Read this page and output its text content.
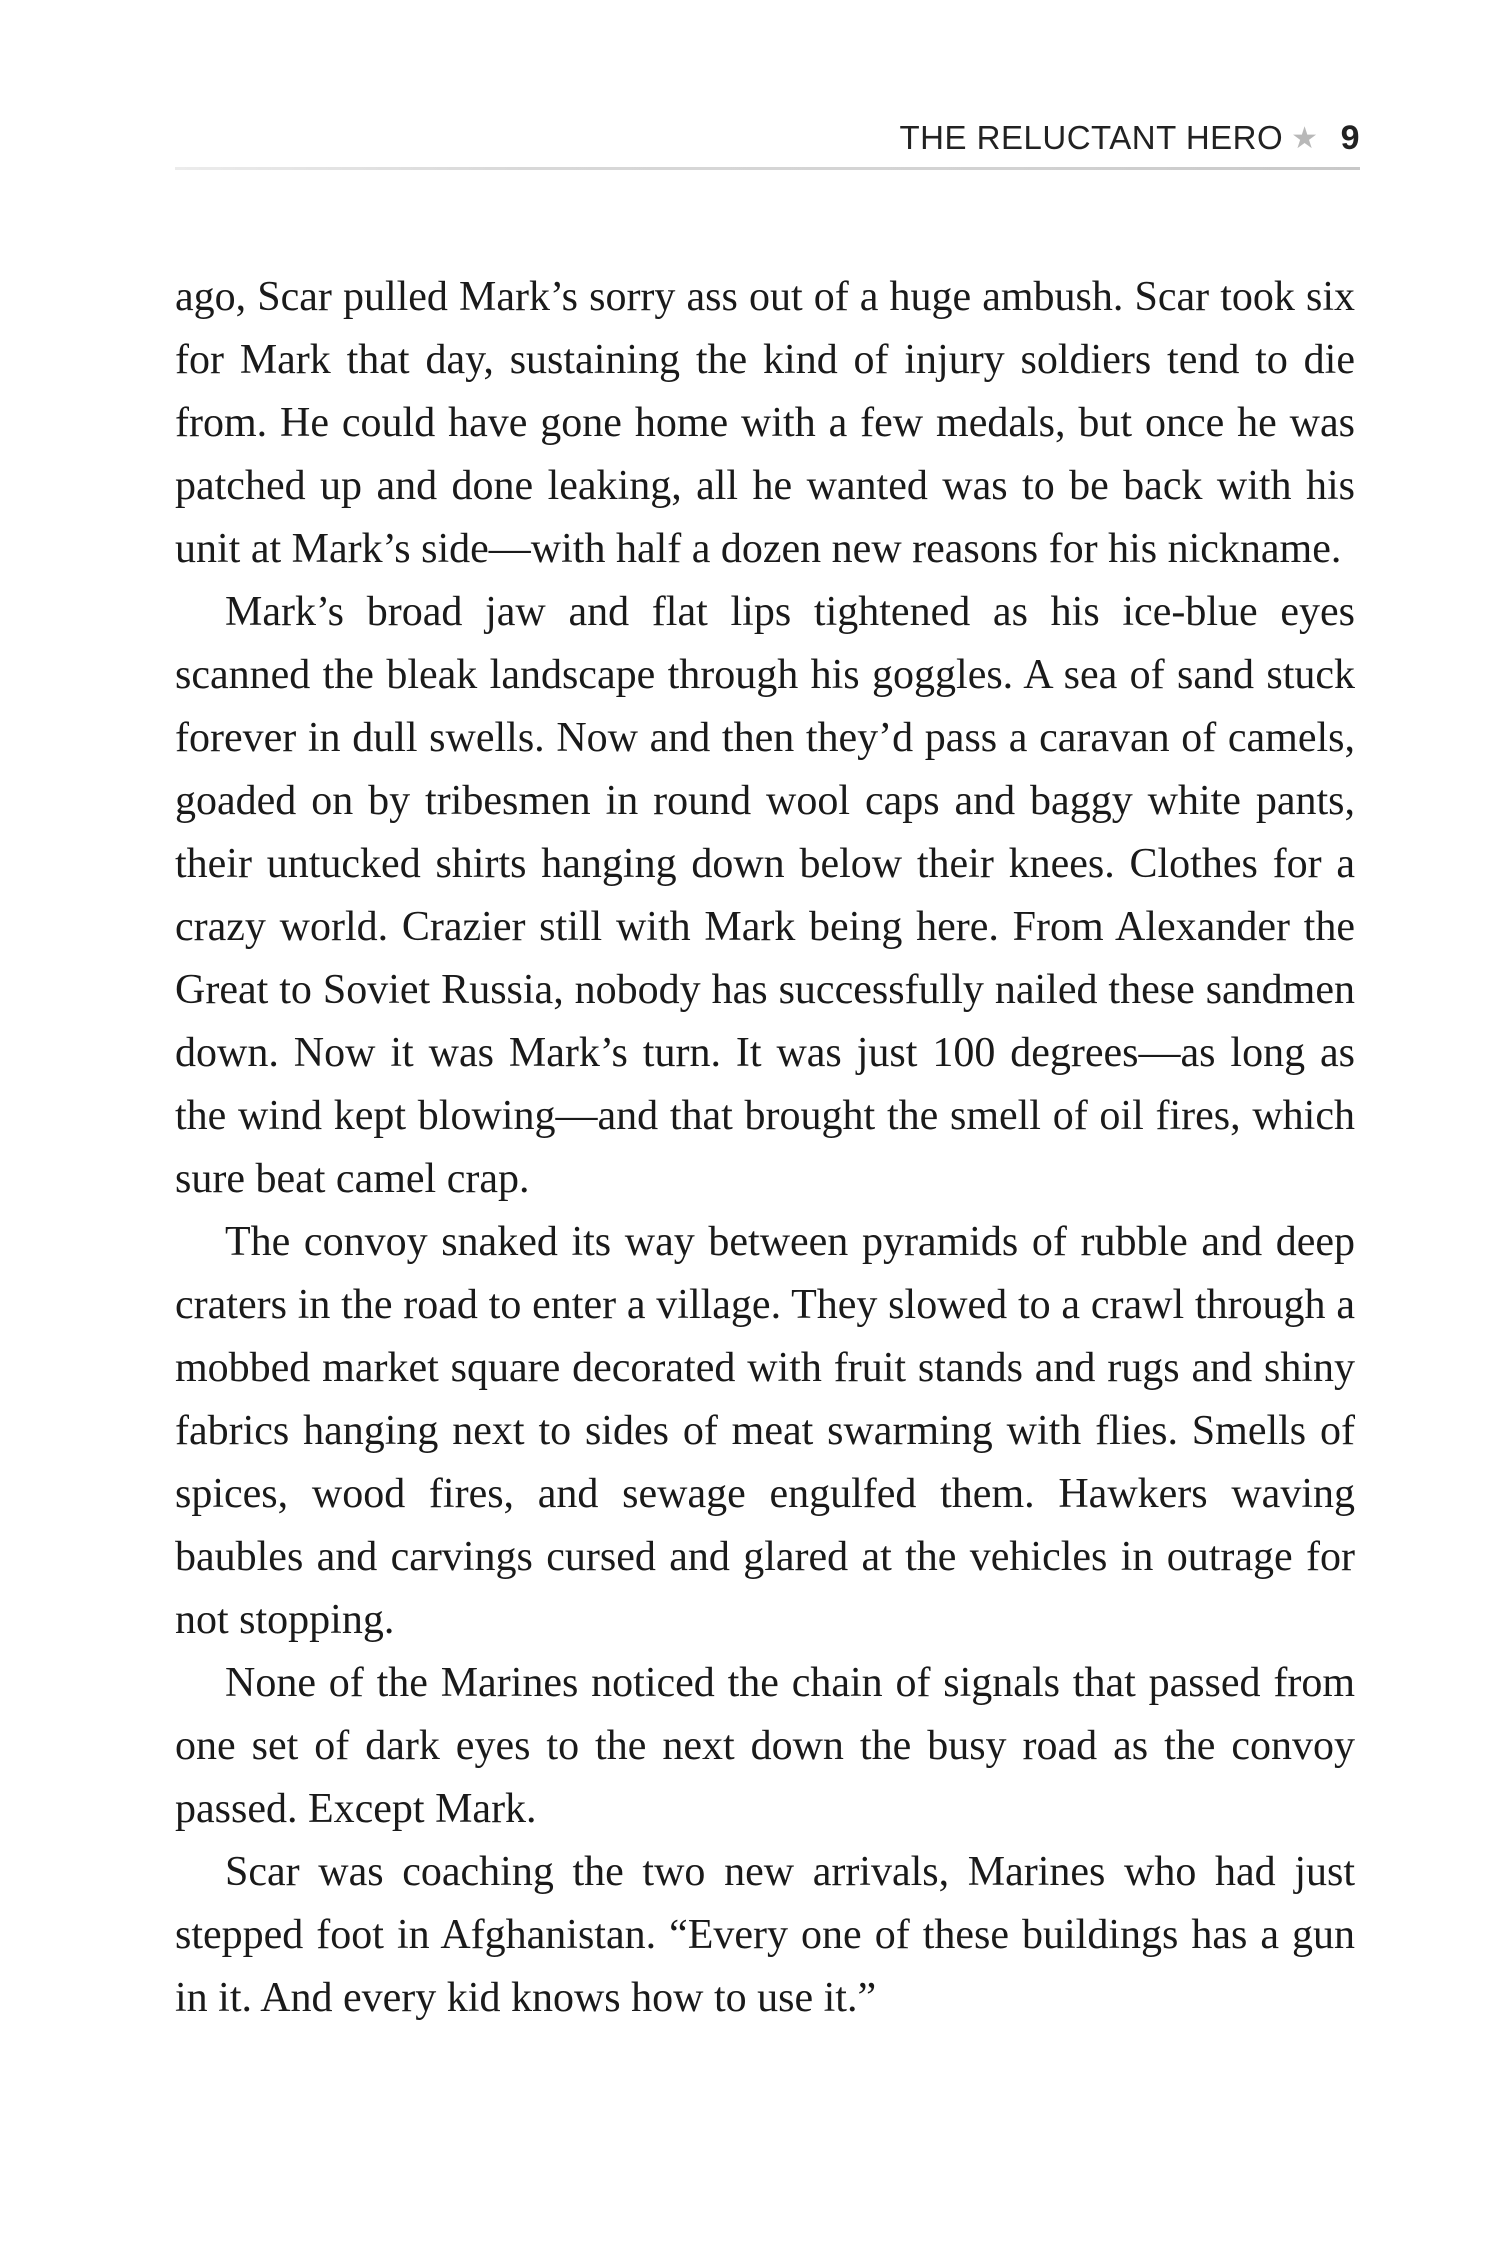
THE RELUCTANT HERO ★ 9

ago, Scar pulled Mark’s sorry ass out of a huge ambush. Scar took six for Mark that day, sustaining the kind of injury soldiers tend to die from. He could have gone home with a few medals, but once he was patched up and done leaking, all he wanted was to be back with his unit at Mark’s side—with half a dozen new reasons for his nickname.

Mark’s broad jaw and flat lips tightened as his ice-blue eyes scanned the bleak landscape through his goggles. A sea of sand stuck forever in dull swells. Now and then they’d pass a caravan of camels, goaded on by tribesmen in round wool caps and baggy white pants, their untucked shirts hanging down below their knees. Clothes for a crazy world. Crazier still with Mark being here. From Alexander the Great to Soviet Russia, nobody has successfully nailed these sandmen down. Now it was Mark’s turn. It was just 100 degrees—as long as the wind kept blowing—and that brought the smell of oil fires, which sure beat camel crap.

The convoy snaked its way between pyramids of rubble and deep craters in the road to enter a village. They slowed to a crawl through a mobbed market square decorated with fruit stands and rugs and shiny fabrics hanging next to sides of meat swarming with flies. Smells of spices, wood fires, and sewage engulfed them. Hawkers waving baubles and carvings cursed and glared at the vehicles in outrage for not stopping.

None of the Marines noticed the chain of signals that passed from one set of dark eyes to the next down the busy road as the convoy passed. Except Mark.

Scar was coaching the two new arrivals, Marines who had just stepped foot in Afghanistan. “Every one of these buildings has a gun in it. And every kid knows how to use it.”
